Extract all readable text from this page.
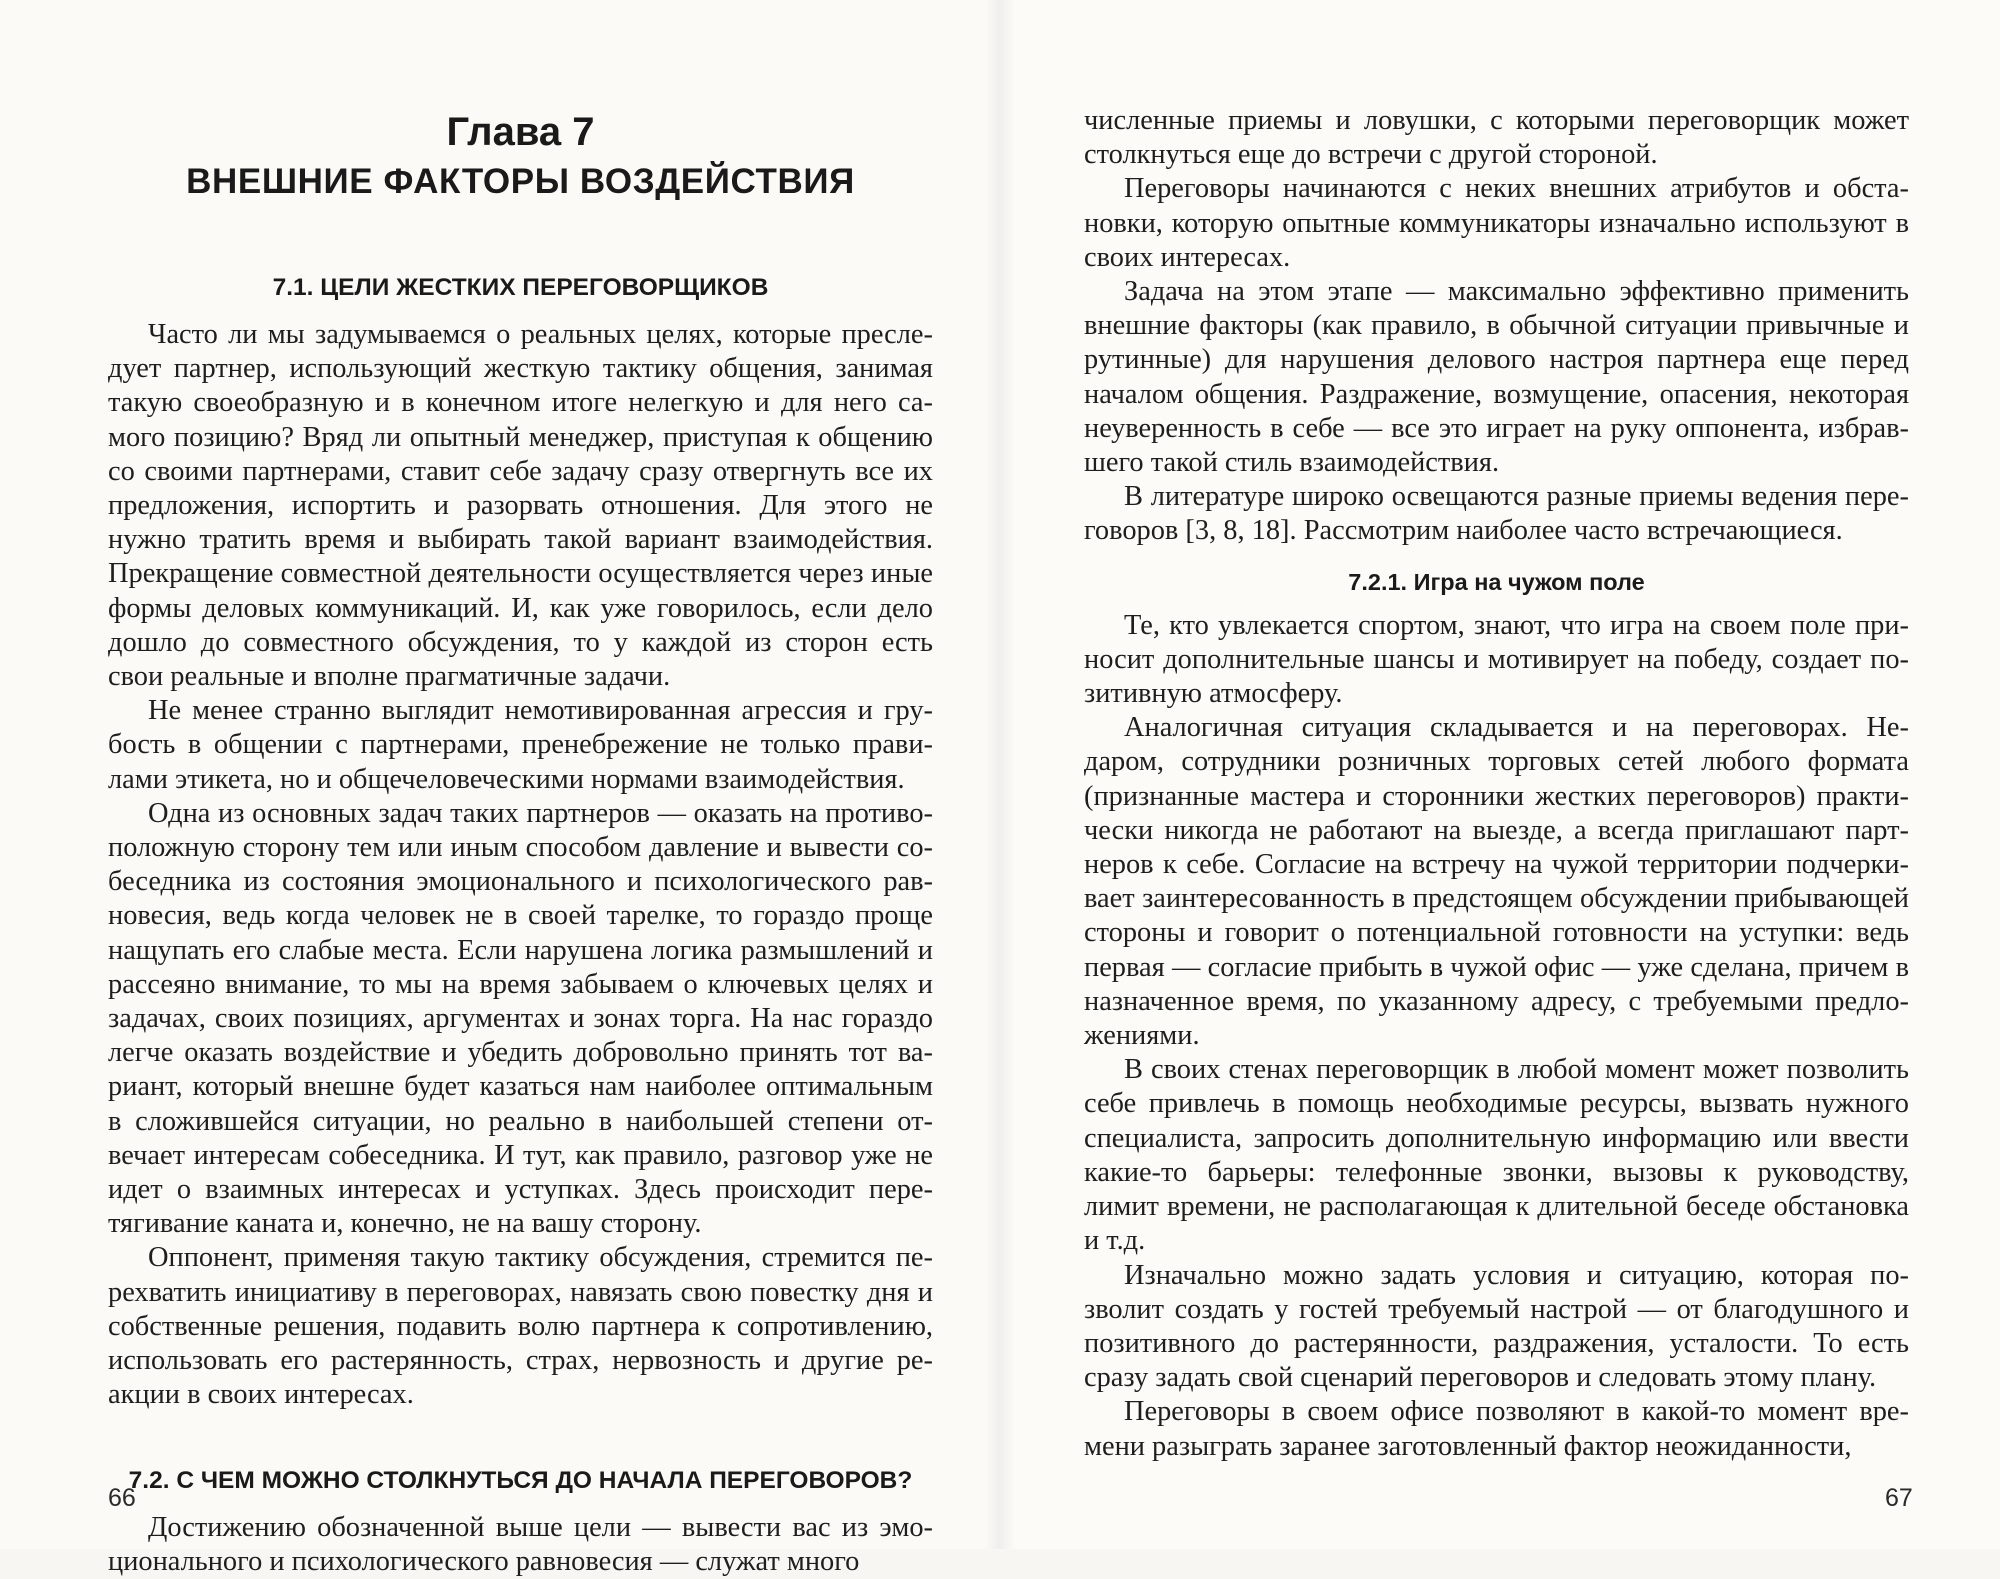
Глава 7
ВНЕШНИЕ ФАКТОРЫ ВОЗДЕЙСТВИЯ
7.1. ЦЕЛИ ЖЕСТКИХ ПЕРЕГОВОРЩИКОВ

Часто ли мы задумываемся о реальных целях, которые преследует партнер, использующий жесткую тактику общения, занимая такую своеобразную и в конечном итоге нелегкую и для него самого позицию? Вряд ли опытный менеджер, приступая к общению со своими партнерами, ставит себе задачу сразу отвергнуть все их предложения, испортить и разорвать отношения. Для этого не нужно тратить время и выбирать такой вариант взаимодействия. Прекращение совместной деятельности осуществляется через иные формы деловых коммуникаций. И, как уже говорилось, если дело дошло до совместного обсуждения, то у каждой из сторон есть свои реальные и вполне прагматичные задачи.

Не менее странно выглядит немотивированная агрессия и грубость в общении с партнерами, пренебрежение не только правилами этикета, но и общечеловеческими нормами взаимодействия.

Одна из основных задач таких партнеров — оказать на противоположную сторону тем или иным способом давление и вывести собеседника из состояния эмоционального и психологического равновесия, ведь когда человек не в своей тарелке, то гораздо проще нащупать его слабые места. Если нарушена логика размышлений и рассеяно внимание, то мы на время забываем о ключевых целях и задачах, своих позициях, аргументах и зонах торга. На нас гораздо легче оказать воздействие и убедить добровольно принять тот вариант, который внешне будет казаться нам наиболее оптимальным в сложившейся ситуации, но реально в наибольшей степени отвечает интересам собеседника. И тут, как правило, разговор уже не идет о взаимных интересах и уступках. Здесь происходит перетягивание каната и, конечно, не на вашу сторону.

Оппонент, применяя такую тактику обсуждения, стремится перехватить инициативу в переговорах, навязать свою повестку дня и собственные решения, подавить волю партнера к сопротивлению, использовать его растерянность, страх, нервозность и другие реакции в своих интересах.

7.2. С ЧЕМ МОЖНО СТОЛКНУТЬСЯ ДО НАЧАЛА ПЕРЕГОВОРОВ?

Достижению обозначенной выше цели — вывести вас из эмоционального и психологического равновесия — служат много

66

численные приемы и ловушки, с которыми переговорщик может столкнуться еще до встречи с другой стороной.

Переговоры начинаются с неких внешних атрибутов и обстановки, которую опытные коммуникаторы изначально используют в своих интересах.

Задача на этом этапе — максимально эффективно применить внешние факторы (как правило, в обычной ситуации привычные и рутинные) для нарушения делового настроя партнера еще перед началом общения. Раздражение, возмущение, опасения, некоторая неуверенность в себе — все это играет на руку оппонента, избравшего такой стиль взаимодействия.

В литературе широко освещаются разные приемы ведения переговоров [3, 8, 18]. Рассмотрим наиболее часто встречающиеся.

7.2.1. Игра на чужом поле

Те, кто увлекается спортом, знают, что игра на своем поле приносит дополнительные шансы и мотивирует на победу, создает позитивную атмосферу.

Аналогичная ситуация складывается и на переговорах. Недаром, сотрудники розничных торговых сетей любого формата (признанные мастера и сторонники жестких переговоров) практически никогда не работают на выезде, а всегда приглашают партнеров к себе. Согласие на встречу на чужой территории подчеркивает заинтересованность в предстоящем обсуждении прибывающей стороны и говорит о потенциальной готовности на уступки: ведь первая — согласие прибыть в чужой офис — уже сделана, причем в назначенное время, по указанному адресу, с требуемыми предложениями.

В своих стенах переговорщик в любой момент может позволить себе привлечь в помощь необходимые ресурсы, вызвать нужного специалиста, запросить дополнительную информацию или ввести какие-то барьеры: телефонные звонки, вызовы к руководству, лимит времени, не располагающая к длительной беседе обстановка и т.д.

Изначально можно задать условия и ситуацию, которая позволит создать у гостей требуемый настрой — от благодушного и позитивного до растерянности, раздражения, усталости. То есть сразу задать свой сценарий переговоров и следовать этому плану.

Переговоры в своем офисе позволяют в какой-то момент времени разыграть заранее заготовленный фактор неожиданности,

67
